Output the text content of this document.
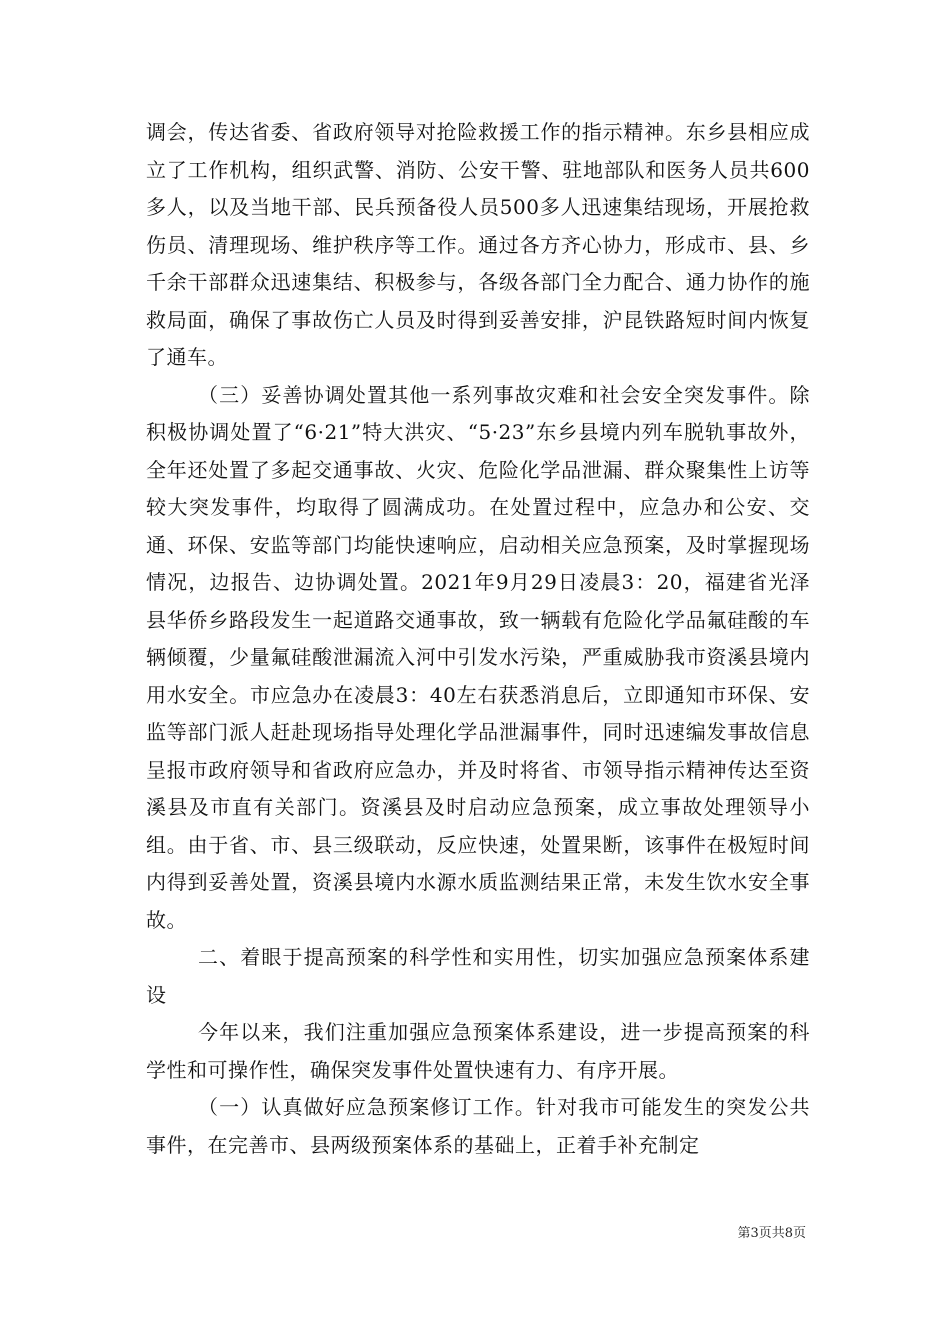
调会，传达省委、省政府领导对抢险救援工作的指示精神。东乡县相应成立了工作机构，组织武警、消防、公安干警、驻地部队和医务人员共600多人，以及当地干部、民兵预备役人员500多人迅速集结现场，开展抢救伤员、清理现场、维护秩序等工作。通过各方齐心协力，形成市、县、乡千余干部群众迅速集结、积极参与，各级各部门全力配合、通力协作的施救局面，确保了事故伤亡人员及时得到妥善安排，沪昆铁路短时间内恢复了通车。

（三）妥善协调处置其他一系列事故灾难和社会安全突发事件。除积极协调处置了“6·21”特大洪灾、“5·23”东乡县境内列车脱轨事故外，全年还处置了多起交通事故、火灾、危险化学品泄漏、群众聚集性上访等较大突发事件，均取得了圆满成功。在处置过程中，应急办和公安、交通、环保、安监等部门均能快速响应，启动相关应急预案，及时掌握现场情况，边报告、边协调处置。2021年9月29日凌晨3：20，福建省光泽县华侨乡路段发生一起道路交通事故，致一辆载有危险化学品氟硅酸的车辆倾覆，少量氟硅酸泄漏流入河中引发水污染，严重威胁我市资溪县境内用水安全。市应急办在凌晨3：40左右获悉消息后，立即通知市环保、安监等部门派人赶赴现场指导处理化学品泄漏事件，同时迅速编发事故信息呈报市政府领导和省政府应急办，并及时将省、市领导指示精神传达至资溪县及市直有关部门。资溪县及时启动应急预案，成立事故处理领导小组。由于省、市、县三级联动，反应快速，处置果断，该事件在极短时间内得到妥善处置，资溪县境内水源水质监测结果正常，未发生饮水安全事故。

二、着眼于提高预案的科学性和实用性，切实加强应急预案体系建设

今年以来，我们注重加强应急预案体系建设，进一步提高预案的科学性和可操作性，确保突发事件处置快速有力、有序开展。

（一）认真做好应急预案修订工作。针对我市可能发生的突发公共事件，在完善市、县两级预案体系的基础上，正着手补充制定

第3页共8页
